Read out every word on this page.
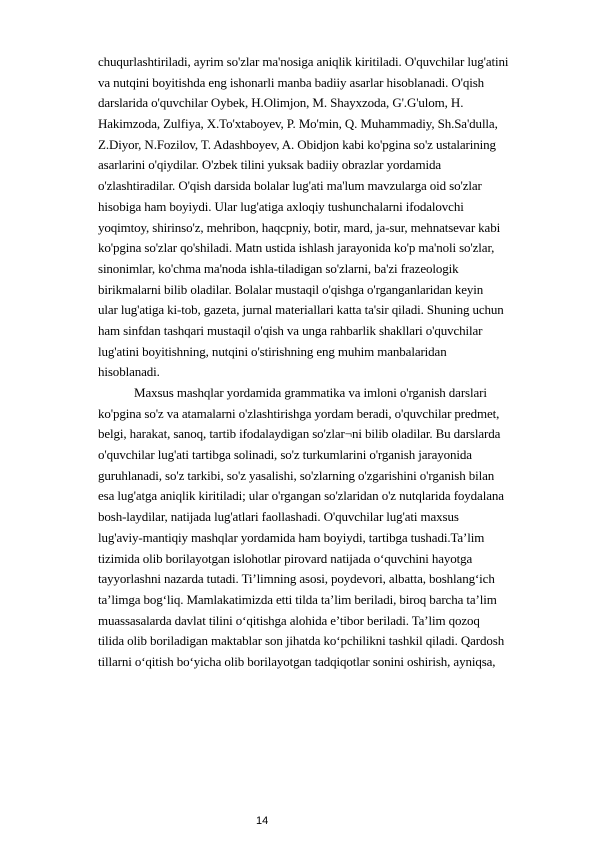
chuqurlashtiriladi, ayrim so'zlar ma'nosiga aniqlik kiritiladi. O'quvchilar lug'atini
va nutqini boyitishda eng ishonarli manba badiiy asarlar hisoblanadi. O'qish
darslarida o'quvchilar Oybek, H.Olimjon, M. Shayxzoda, G'.G'ulom, H.
Hakimzoda, Zulfiya, X.To'xtaboyev, P. Mo'min, Q. Muhammadiy, Sh.Sa'dulla,
Z.Diyor, N.Fozilov, T. Adashboyev, A. Obidjon kabi ko'pgina so'z ustalarining
asarlarini o'qiydilar. O'zbek tilini yuksak badiiy obrazlar yordamida
o'zlashtiradilar. O'qish darsida bolalar lug'ati ma'lum mavzularga oid so'zlar
hisobiga ham boyiydi. Ular lug'atiga axloqiy tushunchalarni ifodalovchi
yoqimtoy, shirinso'z, mehribon, haqcpniy, botir, mard, ja-sur, mehnatsevar kabi
ko'pgina so'zlar qo'shiladi. Matn ustida ishlash jarayonida ko'p ma'noli so'zlar,
sinonimlar, ko'chma ma'noda ishla-tiladigan so'zlarni, ba'zi frazeologik
birikmalarni bilib oladilar. Bolalar mustaqil o'qishga o'rganganlaridan keyin
ular lug'atiga ki-tob, gazeta, jurnal materiallari katta ta'sir qiladi. Shuning uchun
ham sinfdan tashqari mustaqil o'qish va unga rahbarlik shakllari o'quvchilar
lug'atini boyitishning, nutqini o'stirishning eng muhim manbalaridan
hisoblanadi.
Maxsus mashqlar yordamida grammatika va imloni o'rganish darslari
ko'pgina so'z va atamalarni o'zlashtirishga yordam beradi, o'quvchilar predmet,
belgi, harakat, sanoq, tartib ifodalaydigan so'zlar¬ni bilib oladilar. Bu darslarda
o'quvchilar lug'ati tartibga solinadi, so'z turkumlarini o'rganish jarayonida
guruhlanadi, so'z tarkibi, so'z yasalishi, so'zlarning o'zgarishini o'rganish bilan
esa lug'atga aniqlik kiritiladi; ular o'rgangan so'zlaridan o'z nutqlarida foydalana
bosh-laydilar, natijada lug'atlari faollashadi. O'quvchilar lug'ati maxsus
lug'aviy-mantiqiy mashqlar yordamida ham boyiydi, tartibga tushadi.Ta’lim
tizimida olib borilayotgan islohotlar pirovard natijada o‘quvchini hayotga
tayyorlashni nazarda tutadi. Ti’limning asosi, poydevori, albatta, boshlang‘ich
ta’limga bog‘liq. Mamlakatimizda etti tilda ta’lim beriladi, biroq barcha ta’lim
muassasalarda davlat tilini o‘qitishga alohida e’tibor beriladi. Ta’lim qozoq
tilida olib boriladigan maktablar son jihatda ko‘pchilikni tashkil qiladi. Qardosh
tillarni o‘qitish bo‘yicha olib borilayotgan tadqiqotlar sonini oshirish, ayniqsa,
14
